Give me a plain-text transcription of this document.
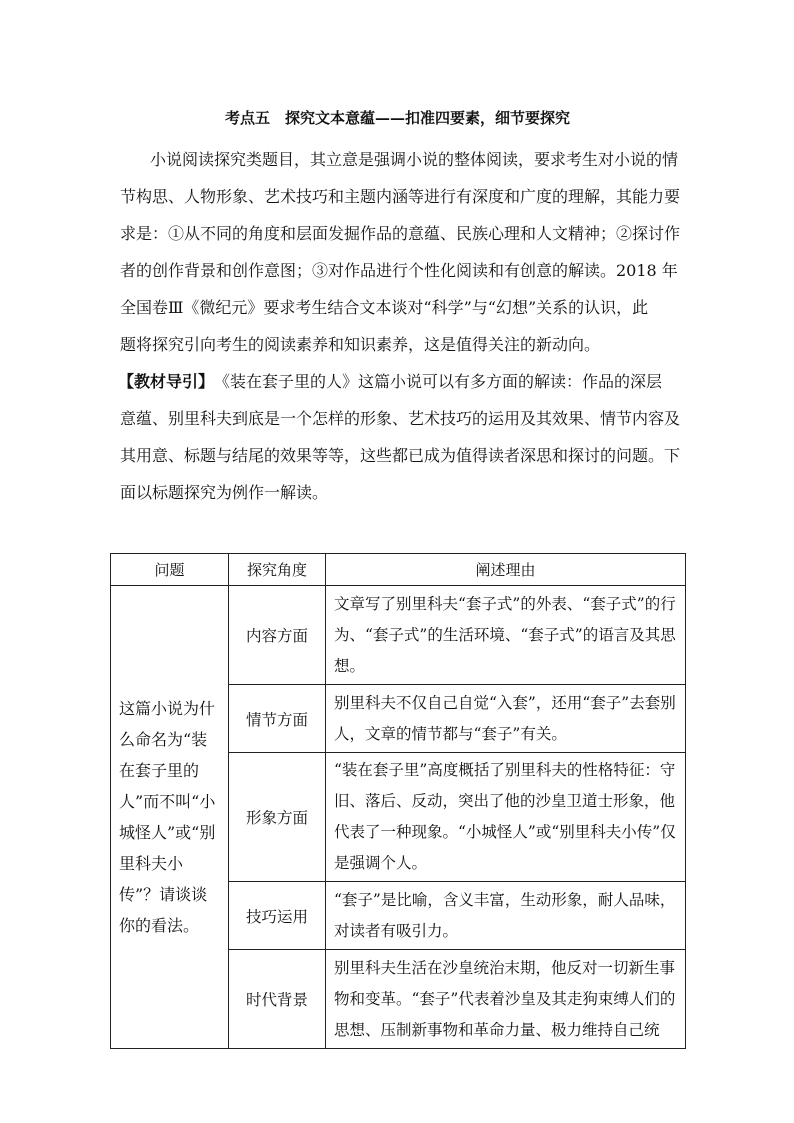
考点五　探究文本意蕴——扣准四要素，细节要探究
小说阅读探究类题目，其立意是强调小说的整体阅读，要求考生对小说的情
节构思、人物形象、艺术技巧和主题内涵等进行有深度和广度的理解，其能力要
求是：①从不同的角度和层面发掘作品的意蕴、民族心理和人文精神；②探讨作
者的创作背景和创作意图；③对作品进行个性化阅读和有创意的解读。2018 年
全国卷Ⅲ《微纪元》要求考生结合文本谈对“科学”与“幻想”关系的认识，此
题将探究引向考生的阅读素养和知识素养，这是值得关注的新动向。
【教材导引】 《装在套子里的人》这篇小说可以有多方面的解读：作品的深层
意蕴、别里科夫到底是一个怎样的形象、艺术技巧的运用及其效果、情节内容及
其用意、标题与结尾的效果等等，这些都已成为值得读者深思和探讨的问题。下
面以标题探究为例作一解读。
问题	探究角度	阐述理由
这篇小说为什么命名为“装在套子里的人”而不叫“小城怪人”或“别里科夫小传”？请谈谈你的看法。	内容方面	文章写了别里科夫“套子式”的外表、“套子式”的行为、“套子式”的生活环境、“套子式”的语言及其思想。
	情节方面	别里科夫不仅自己自觉“入套”，还用“套子”去套别人，文章的情节都与“套子”有关。
	形象方面	“装在套子里”高度概括了别里科夫的性格特征：守旧、落后、反动，突出了他的沙皇卫道士形象，他代表了一种现象。“小城怪人”或“别里科夫小传”仅是强调个人。
	技巧运用	“套子”是比喻，含义丰富，生动形象，耐人品味，对读者有吸引力。
	时代背景	别里科夫生活在沙皇统治末期，他反对一切新生事物和变革。“套子”代表着沙皇及其走狗束缚人们的思想、压制新事物和革命力量、极力维持自己统
